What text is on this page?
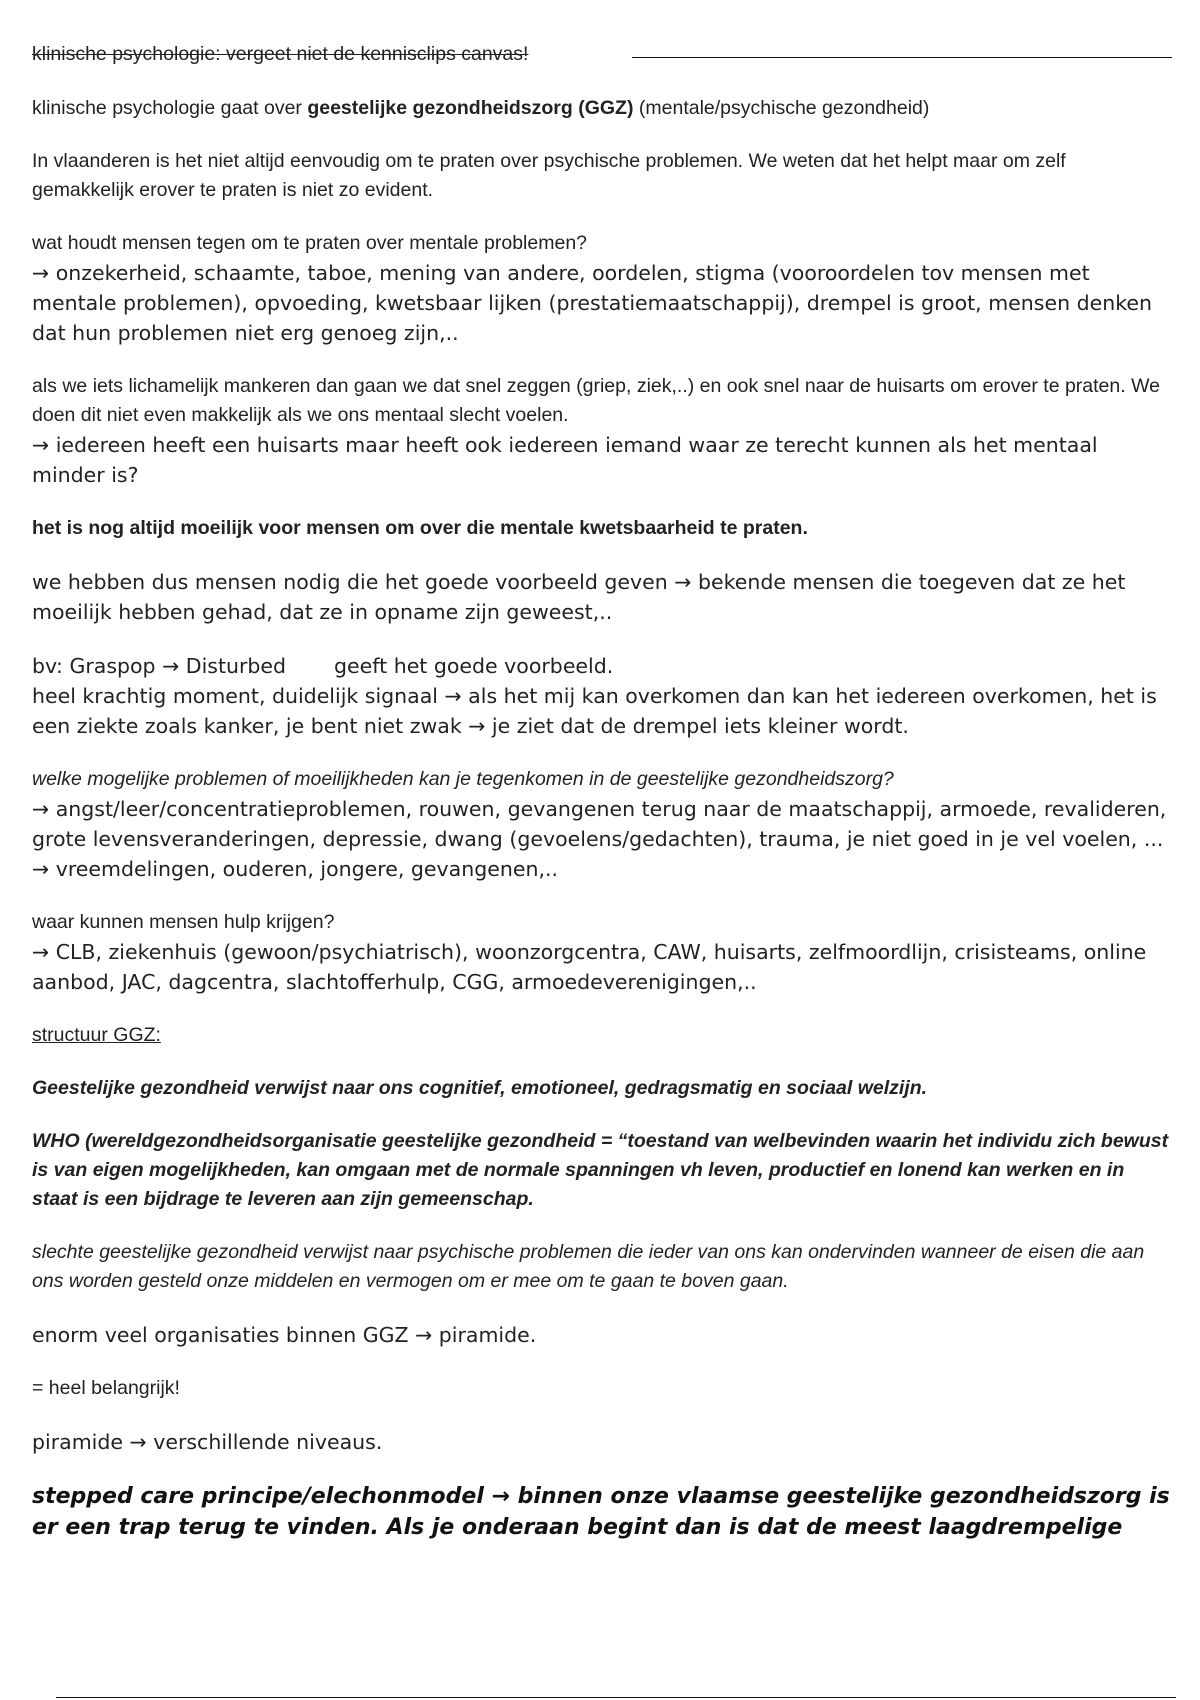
klinische psychologie: vergeet niet de kennisclips canvas!

klinische psychologie gaat over geestelijke gezondheidszorg (GGZ) (mentale/psychische gezondheid)

In vlaanderen is het niet altijd eenvoudig om te praten over psychische problemen. We weten dat het helpt maar om zelf gemakkelijk erover te praten is niet zo evident.

wat houdt mensen tegen om te praten over mentale problemen?

→ onzekerheid, schaamte, taboe, mening van andere, oordelen, stigma (vooroordelen tov mensen met mentale problemen), opvoeding, kwetsbaar lijken (prestatiemaatschappij), drempel is groot, mensen denken dat hun problemen niet erg genoeg zijn,..

als we iets lichamelijk mankeren dan gaan we dat snel zeggen (griep, ziek,..) en ook snel naar de huisarts om erover te praten. We doen dit niet even makkelijk als we ons mentaal slecht voelen.

→ iedereen heeft een huisarts maar heeft ook iedereen iemand waar ze terecht kunnen als het mentaal minder is?

het is nog altijd moeilijk voor mensen om over die mentale kwetsbaarheid te praten.

we hebben dus mensen nodig die het goede voorbeeld geven → bekende mensen die toegeven dat ze het moeilijk hebben gehad, dat ze in opname zijn geweest,..

bv: Graspop → Disturbed geeft het goede voorbeeld.

heel krachtig moment, duidelijk signaal → als het mij kan overkomen dan kan het iedereen overkomen, het is een ziekte zoals kanker, je bent niet zwak → je ziet dat de drempel iets kleiner wordt.

welke mogelijke problemen of moeilijkheden kan je tegenkomen in de geestelijke gezondheidszorg?

→ angst/leer/concentratieproblemen, rouwen, gevangenen terug naar de maatschappij, armoede, revalideren, grote levensveranderingen, depressie, dwang (gevoelens/gedachten), trauma, je niet goed in je vel voelen, ...

→ vreemdelingen, ouderen, jongere, gevangenen,..

waar kunnen mensen hulp krijgen?

→ CLB, ziekenhuis (gewoon/psychiatrisch), woonzorgcentra, CAW, huisarts, zelfmoordlijn, crisisteams, online aanbod, JAC, dagcentra, slachtofferhulp, CGG, armoedeverenigingen,..

structuur GGZ:

Geestelijke gezondheid verwijst naar ons cognitief, emotioneel, gedragsmatig en sociaal welzijn.

WHO (wereldgezondheidsorganisatie geestelijke gezondheid = “toestand van welbevinden waarin het individu zich bewust is van eigen mogelijkheden, kan omgaan met de normale spanningen vh leven, productief en lonend kan werken en in staat is een bijdrage te leveren aan zijn gemeenschap.

slechte geestelijke gezondheid verwijst naar psychische problemen die ieder van ons kan ondervinden wanneer de eisen die aan ons worden gesteld onze middelen en vermogen om er mee om te gaan te boven gaan.

enorm veel organisaties binnen GGZ → piramide.

= heel belangrijk!

piramide → verschillende niveaus.

stepped care principe/elechonmodel → binnen onze vlaamse geestelijke gezondheidszorg is er een trap terug te vinden. Als je onderaan begint dan is dat de meest laagdrempelige
